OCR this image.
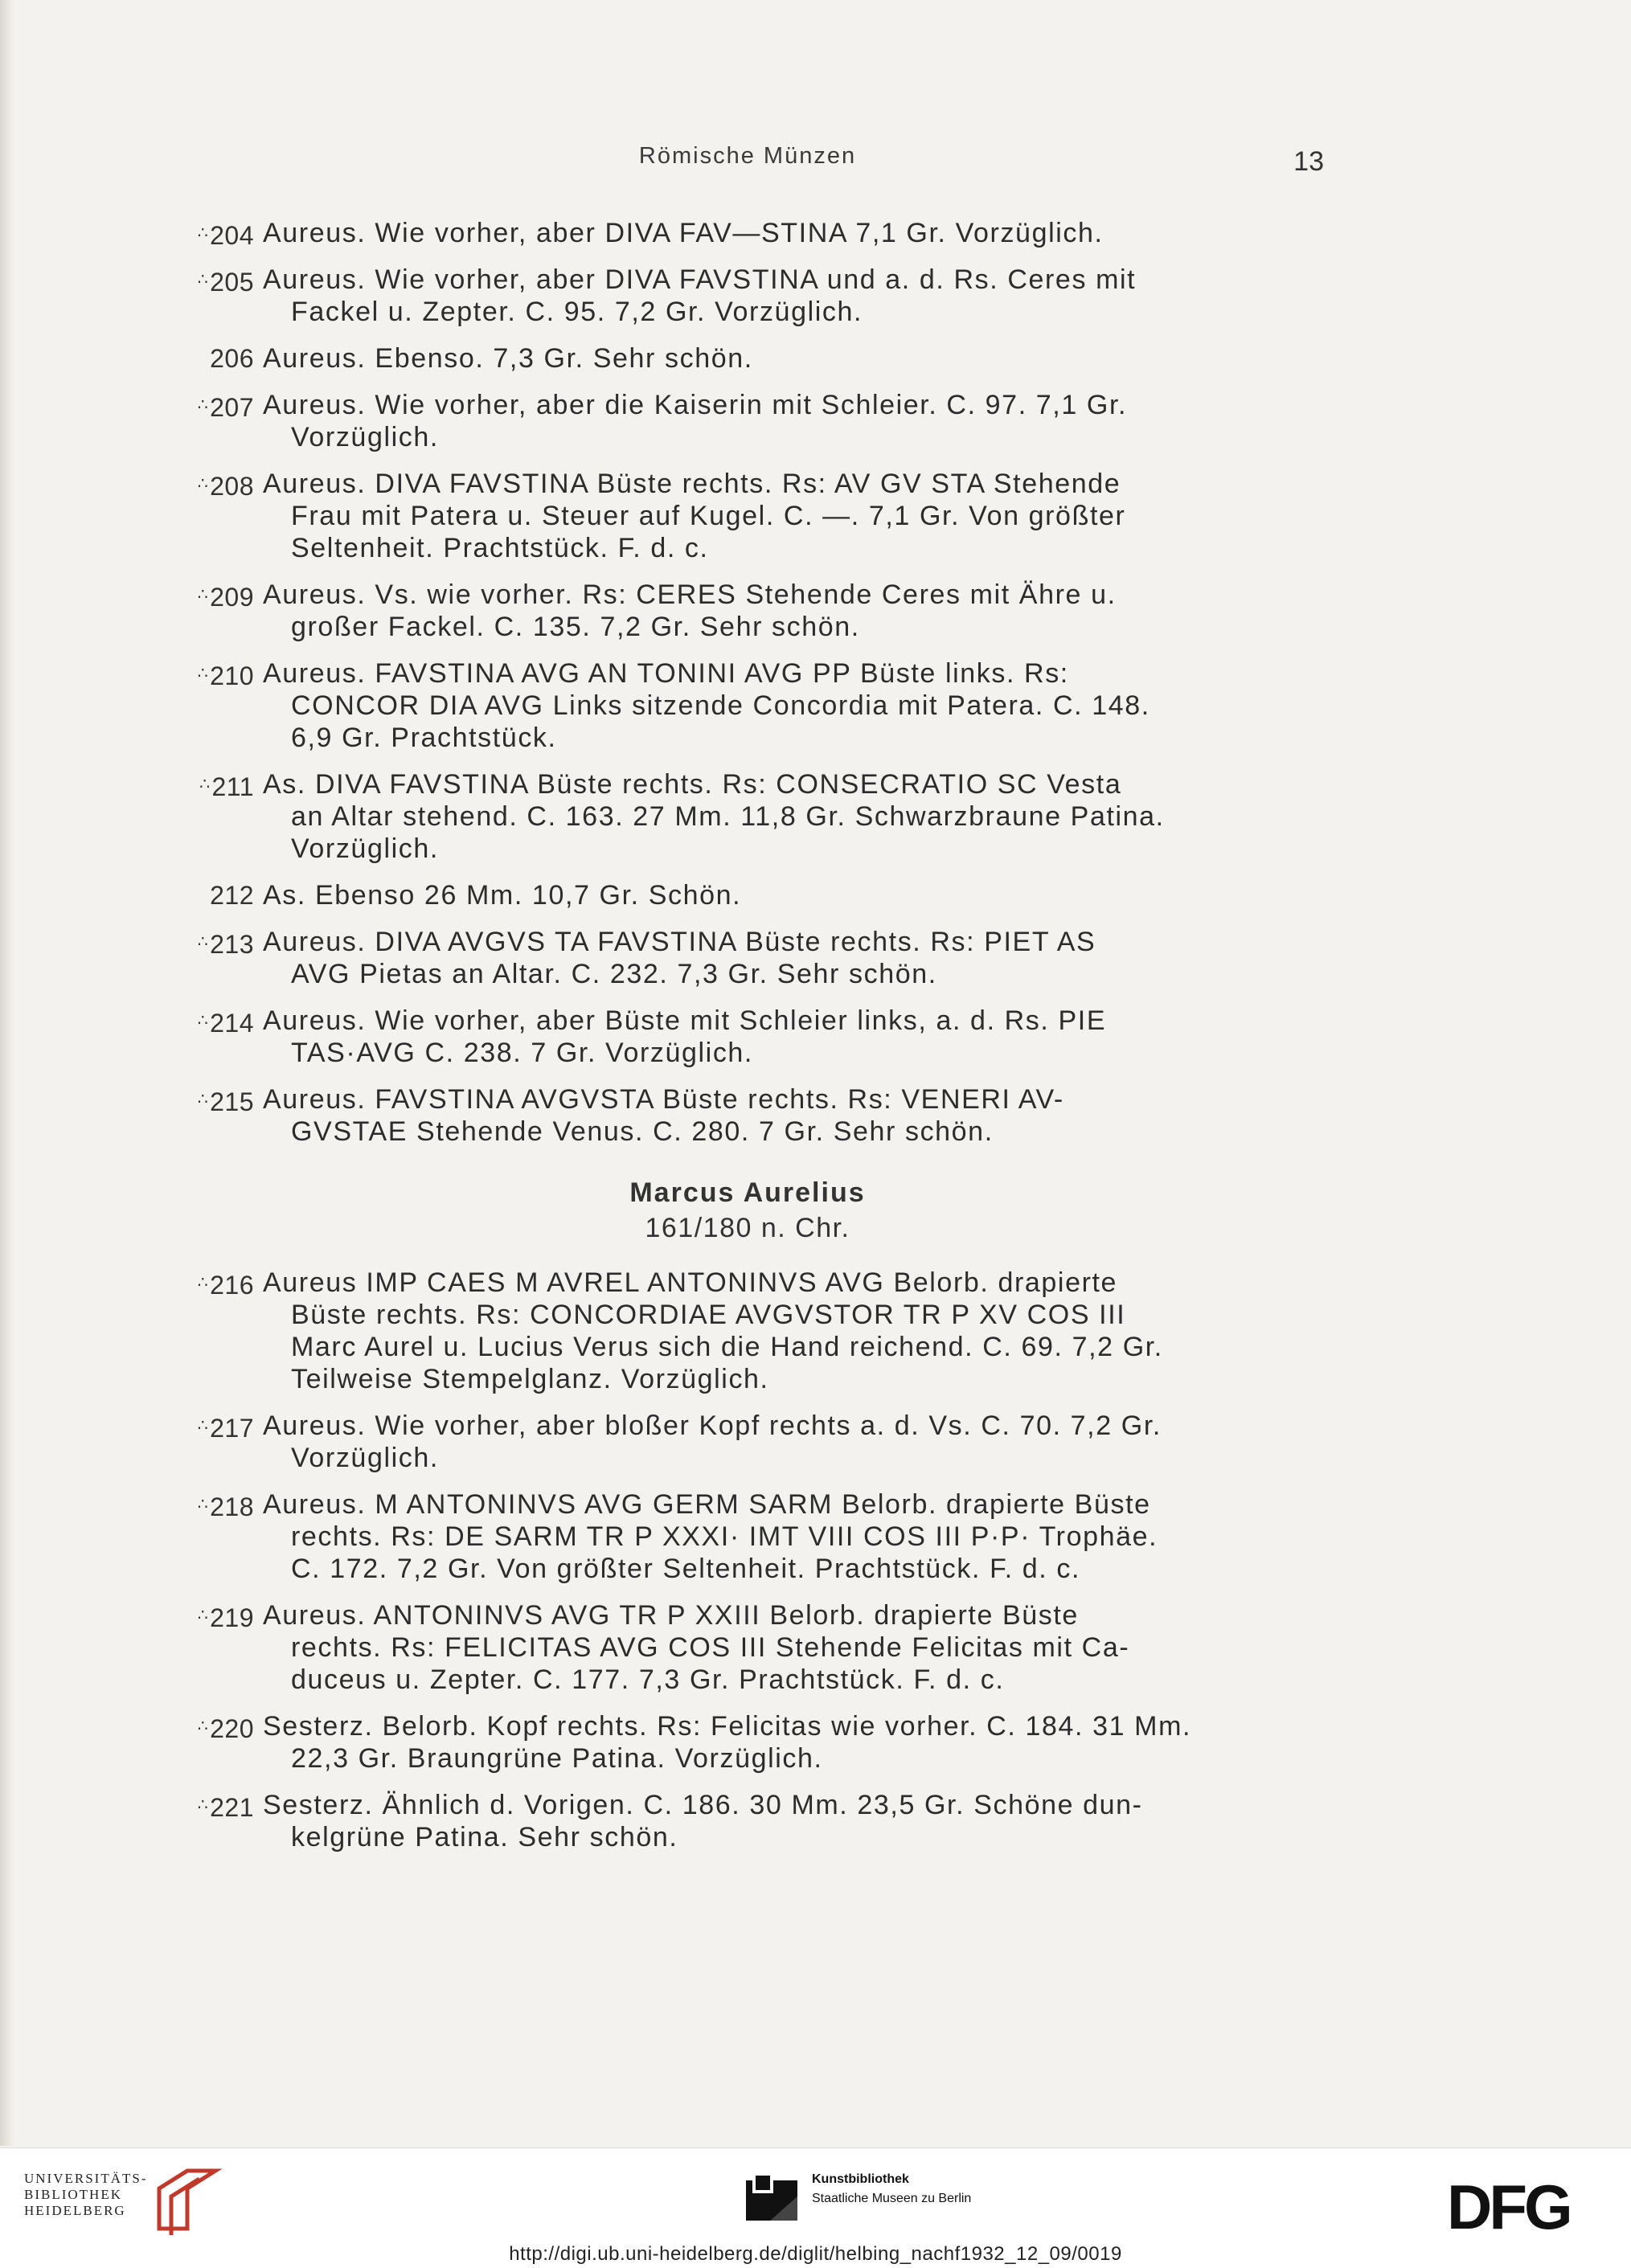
Römische Münzen	13
∴ 204 Aureus. Wie vorher, aber DIVA FAV—STINA 7,1 Gr. Vorzüglich.
∴ 205 Aureus. Wie vorher, aber DIVA FAVSTINA und a. d. Rs. Ceres mit
Fackel u. Zepter. C. 95. 7,2 Gr. Vorzüglich.
206 Aureus. Ebenso. 7,3 Gr. Sehr schön.
∴ 207 Aureus. Wie vorher, aber die Kaiserin mit Schleier. C. 97. 7,1 Gr.
Vorzüglich.
∴ 208 Aureus. DIVA FAVSTINA Büste rechts. Rs: AV GV STA Stehende
Frau mit Patera u. Steuer auf Kugel. C. —. 7,1 Gr. Von größter
Seltenheit. Prachtstück. F. d. c.
∴ 209 Aureus. Vs. wie vorher. Rs: CERES Stehende Ceres mit Ähre u.
großer Fackel. C. 135. 7,2 Gr. Sehr schön.
∴ 210 Aureus. FAVSTINA AVG AN TONINI AVG PP Büste links. Rs:
CONCOR DIA AVG Links sitzende Concordia mit Patera. C. 148.
6,9 Gr. Prachtstück.
∴ 211 As. DIVA FAVSTINA Büste rechts. Rs: CONSECRATIO SC Vesta
an Altar stehend. C. 163. 27 Mm. 11,8 Gr. Schwarzbraune Patina.
Vorzüglich.
212 As. Ebenso 26 Mm. 10,7 Gr. Schön.
∴ 213 Aureus. DIVA AVGVS TA FAVSTINA Büste rechts. Rs: PIET AS
AVG Pietas an Altar. C. 232. 7,3 Gr. Sehr schön.
∴ 214 Aureus. Wie vorher, aber Büste mit Schleier links, a. d. Rs. PIE
TAS·AVG C. 238. 7 Gr. Vorzüglich.
∴ 215 Aureus. FAVSTINA AVGVSTA Büste rechts. Rs: VENERI AV-
GVSTAE Stehende Venus. C. 280. 7 Gr. Sehr schön.
Marcus Aurelius
161/180 n. Chr.
∴ 216 Aureus IMP CAES M AVREL ANTONINVS AVG Belorb. drapierte
Büste rechts. Rs: CONCORDIAE AVGVSTOR TR P XV COS III
Marc Aurel u. Lucius Verus sich die Hand reichend. C. 69. 7,2 Gr.
Teilweise Stempelglanz. Vorzüglich.
∴ 217 Aureus. Wie vorher, aber bloßer Kopf rechts a. d. Vs. C. 70. 7,2 Gr.
Vorzüglich.
∴ 218 Aureus. M ANTONINVS AVG GERM SARM Belorb. drapierte Büste
rechts. Rs: DE SARM TR P XXXI· IMT VIII COS III P·P· Trophäe.
C. 172. 7,2 Gr. Von größter Seltenheit. Prachtstück. F. d. c.
∴ 219 Aureus. ANTONINVS AVG TR P XXIII Belorb. drapierte Büste
rechts. Rs: FELICITAS AVG COS III Stehende Felicitas mit Ca-
duceus u. Zepter. C. 177. 7,3 Gr. Prachtstück. F. d. c.
∴ 220 Sesterz. Belorb. Kopf rechts. Rs: Felicitas wie vorher. C. 184. 31 Mm.
22,3 Gr. Braungrüne Patina. Vorzüglich.
∴ 221 Sesterz. Ähnlich d. Vorigen. C. 186. 30 Mm. 23,5 Gr. Schöne dun-
kelgrüne Patina. Sehr schön.
UNIVERSITÄTS-
BIBLIOTHEK
HEIDELBERG
Kunstbibliothek
Staatliche Museen zu Berlin	DFG
http://digi.ub.uni-heidelberg.de/diglit/helbing_nachf1932_12_09/0019
